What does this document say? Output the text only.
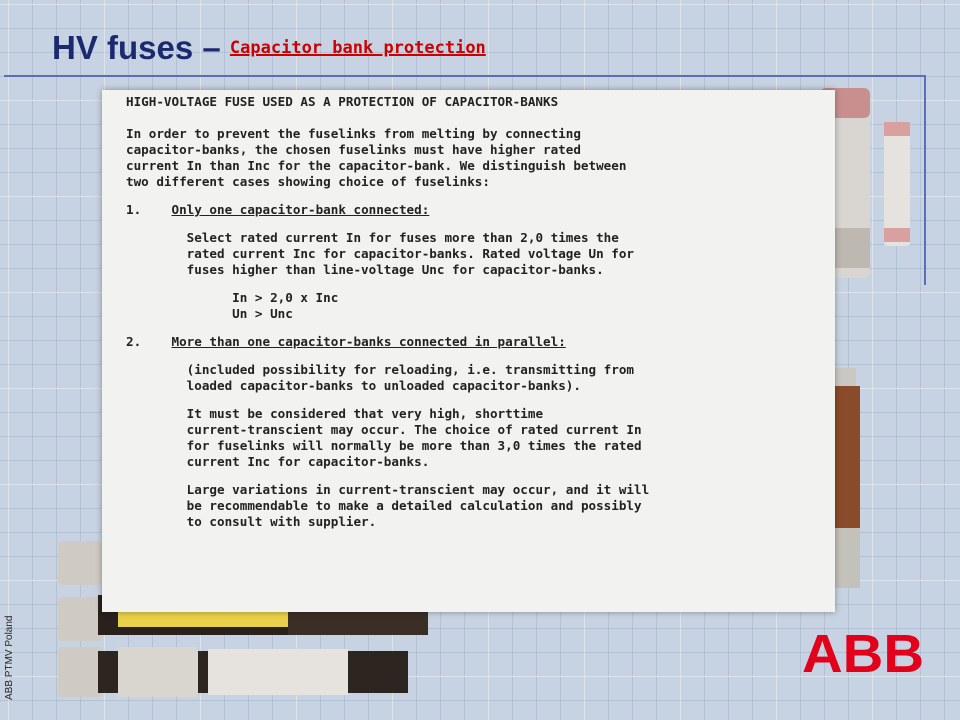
HV fuses – $^{Capacitor bank protection}$

HIGH-VOLTAGE FUSE USED AS A PROTECTION OF CAPACITOR-BANKS

In order to prevent the fuselinks from melting by connecting

capacitor-banks, the chosen fuselinks must have higher rated

current In than Inc for the capacitor-bank. We distinguish between

two different cases showing choice of fuselinks:

1. Only one capacitor-bank connected:

Select rated current In for fuses more than 2,0 times the

rated current Inc for capacitor-banks. Rated voltage Un for

fuses higher than line-voltage Unc for capacitor-banks.

In > 2,0 x Inc

Un > Unc

2. More than one capacitor-banks connected in parallel:

(included possibility for reloading, i.e. transmitting from

loaded capacitor-banks to unloaded capacitor-banks).

It must be considered that very high, shorttime

current-transcient may occur. The choice of rated current In

for fuselinks will normally be more than 3,0 times the rated

current Inc for capacitor-banks.

Large variations in current-transcient may occur, and it will

be recommendable to make a detailed calculation and possibly

to consult with supplier.

ABB PTMV Poland	ABB
